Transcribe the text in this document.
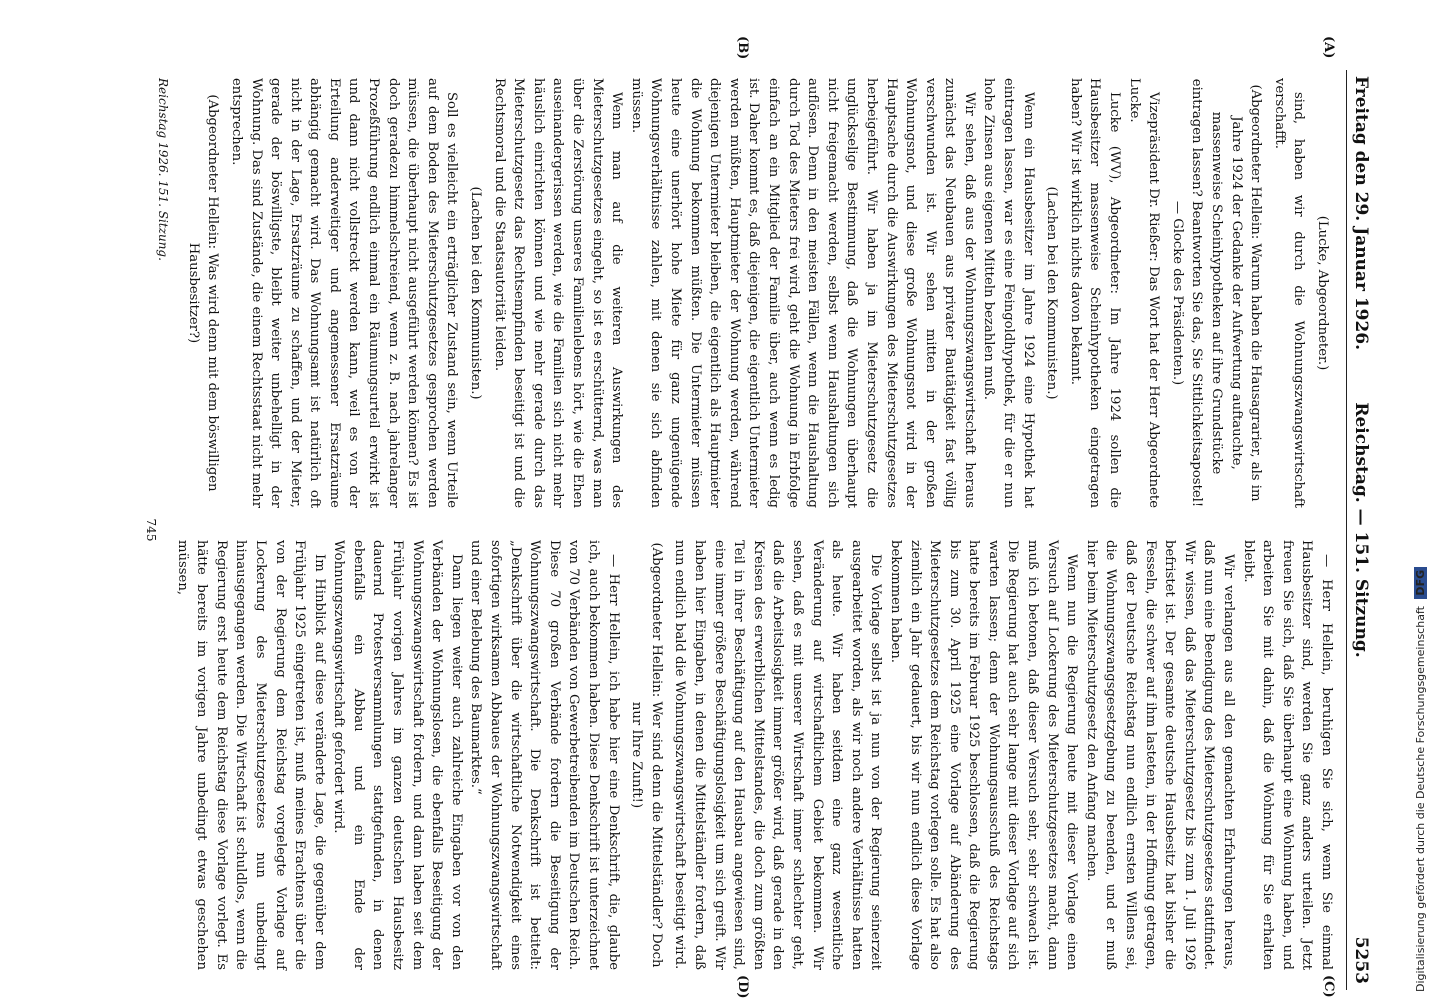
Freitag den 29. Januar 1926.
Reichstag. — 151. Sitzung.
5253
(A)
(B)
(C)
(D)

(Lucke, Abgeordneter.)

sind, haben wir durch die Wohnungszwangswirtschaft verschafft.

(Abgeordneter Hellein: Warum haben die Hausagrarier, als im Jahre 1924 der Gedanke der Aufwertung auftauchte, massenweise Scheinhypotheken auf ihre Grundstücke eintragen lassen? Beantworten Sie das, Sie Sittlichkeitsapostel! — Glocke des Präsidenten.)

Vizepräsident Dr. Rießer: Das Wort hat der Herr Abgeordnete Lucke.

Lucke (WV), Abgeordneter: Im Jahre 1924 sollen die Hausbesitzer massenweise Scheinhypotheken eingetragen haben? Wir ist wirklich nichts davon bekannt.

(Lachen bei den Kommunisten.)

Wenn ein Hausbesitzer im Jahre 1924 eine Hypothek hat eintragen lassen, war es eine Feingoldhypothek, für die er nun hohe Zinsen aus eigenen Mitteln bezahlen muß.

Wir sehen, daß aus der Wohnungszwangswirtschaft heraus zunächst das Neubauen aus privater Bautätigkeit fast völlig verschwunden ist. Wir sehen mitten in der großen Wohnungsnot, und diese große Wohnungsnot wird in der Hauptsache durch die Auswirkungen des Mieterschutzgesetzes herbeigeführt. Wir haben ja im Mieterschutzgesetz die unglückselige Bestimmung, daß die Wohnungen überhaupt nicht freigemacht werden, selbst wenn Haushaltungen sich auflösen. Denn in den meisten Fällen, wenn die Haushaltung durch Tod des Mieters frei wird, geht die Wohnung in Erbfolge einfach an ein Mitglied der Familie über, auch wenn es ledig ist. Daher kommt es, daß diejenigen, die eigentlich Untermieter werden müßten, Hauptmieter der Wohnung werden, während diejenigen Untermieter bleiben, die eigentlich als Hauptmieter die Wohnung bekommen müßten. Die Untermieter müssen heute eine unerhört hohe Miete für ganz ungenügende Wohnungsverhältnisse zahlen, mit denen sie sich abfinden müssen.

Wenn man auf die weiteren Auswirkungen des Mieterschutzgesetzes eingeht, so ist es erschütternd, was man über die Zerstörung unseres Familienlebens hört, wie die Ehen auseinandergerissen werden, wie die Familien sich nicht mehr häuslich einrichten können und wie mehr gerade durch das Mieterschutzgesetz das Rechtsempfinden beseitigt ist und die Rechtsmoral und die Staatsautorität leiden.

(Lachen bei den Kommunisten.)

Soll es vielleicht ein erträglicher Zustand sein, wenn Urteile auf dem Boden des Mieterschutzgesetzes gesprochen werden müssen, die überhaupt nicht ausgeführt werden können? Es ist doch geradezu himmelschreiend, wenn z. B. nach jahrelanger Prozeßführung endlich einmal ein Räumungsurteil erwirkt ist und dann nicht vollstreckt werden kann, weil es von der Erteilung anderweitiger und angemessener Ersatzräume abhängig gemacht wird. Das Wohnungsamt ist natürlich oft nicht in der Lage, Ersatzräume zu schaffen, und der Mieter, gerade der böswilligste, bleibt weiter unbehelligt in der Wohnung. Das sind Zustände, die einem Rechtsstaat nicht mehr entsprechen.

(Abgeordneter Hellein: Was wird denn mit dem böswilligen Hausbesitzer?)

— Herr Hellein, beruhigen Sie sich, wenn Sie einmal Hausbesitzer sind, werden Sie ganz anders urteilen. Jetzt freuen Sie sich, daß Sie überhaupt eine Wohnung haben, und arbeiten Sie mit dahin, daß die Wohnung für Sie erhalten bleibt.

Wir verlangen aus all den gemachten Erfahrungen heraus, daß nun eine Beendigung des Mieterschutzgesetzes stattfindet. Wir wissen, daß das Mieterschutzgesetz bis zum 1. Juli 1926 befristet ist. Der gesamte deutsche Hausbesitz hat bisher die Fesseln, die schwer auf ihm lasteten, in der Hoffnung getragen, daß der Deutsche Reichstag nun endlich ernsten Willens sei, die Wohnungszwangsgesetzgebung zu beenden, und er muß hier beim Mieterschutzgesetz den Anfang machen.

Wenn nun die Regierung heute mit dieser Vorlage einen Versuch auf Lockerung des Mieterschutzgesetzes macht, dann muß ich betonen, daß dieser Versuch sehr, sehr schwach ist. Die Regierung hat auch sehr lange mit dieser Vorlage auf sich warten lassen; denn der Wohnungsausschuß des Reichstags hatte bereits im Februar 1925 beschlossen, daß die Regierung bis zum 30. April 1925 eine Vorlage auf Abänderung des Mieterschutzgesetzes dem Reichstag vorlegen solle. Es hat also ziemlich ein Jahr gedauert, bis wir nun endlich diese Vorlage bekommen haben.

Die Vorlage selbst ist ja nun von der Regierung seinerzeit ausgearbeitet worden, als wir noch andere Verhältnisse hatten als heute. Wir haben seitdem eine ganz wesentliche Veränderung auf wirtschaftlichem Gebiet bekommen. Wir sehen, daß es mit unserer Wirtschaft immer schlechter geht, daß die Arbeitslosigkeit immer größer wird, daß gerade in den Kreisen des erwerblichen Mittelstandes, die doch zum größten Teil in ihrer Beschäftigung auf den Hausbau angewiesen sind, eine immer größere Beschäftigungslosigkeit um sich greift. Wir haben hier Eingaben, in denen die Mittelständler fordern, daß nun endlich bald die Wohnungszwangswirtschaft beseitigt wird.

(Abgeordneter Hellein: Wer sind denn die Mittelständler? Doch nur Ihre Zunft!)

— Herr Hellein, ich habe hier eine Denkschrift, die, glaube ich, auch bekommen haben. Diese Denkschrift ist unterzeichnet von 70 Verbänden von Gewerbetreibenden im Deutschen Reich. Diese 70 großen Verbände fordern die Beseitigung der Wohnungszwangswirtschaft. Die Denkschrift ist betitelt: „Denkschrift über die wirtschaftliche Notwendigkeit eines sofortigen wirksamen Abbaues der Wohnungszwangswirtschaft und einer Belebung des Baumarktes.“

Dann liegen weiter auch zahlreiche Eingaben vor von den Verbänden der Wohnungslosen, die ebenfalls Beseitigung der Wohnungszwangswirtschaft fordern, und dann haben seit dem Frühjahr vorigen Jahres im ganzen deutschen Hausbesitz dauernd Protestversammlungen stattgefunden, in denen ebenfalls ein Abbau und ein Ende der Wohnungszwangswirtschaft gefordert wird.

Im Hinblick auf diese veränderte Lage, die gegenüber dem Frühjahr 1925 eingetreten ist, muß meines Erachtens über die von der Regierung dem Reichstag vorgelegte Vorlage auf Lockerung des Mieterschutzgesetzes nun unbedingt hinausgegangen werden. Die Wirtschaft ist schuldlos, wenn die Regierung erst heute dem Reichstag diese Vorlage vorlegt. Es hätte bereits im vorigen Jahre unbedingt etwas geschehen müssen,

Reichstag 1926. 151. Sitzung.
745
Digitalisierung gefördert durch die Deutsche Forschungsgemeinschaft DFG
